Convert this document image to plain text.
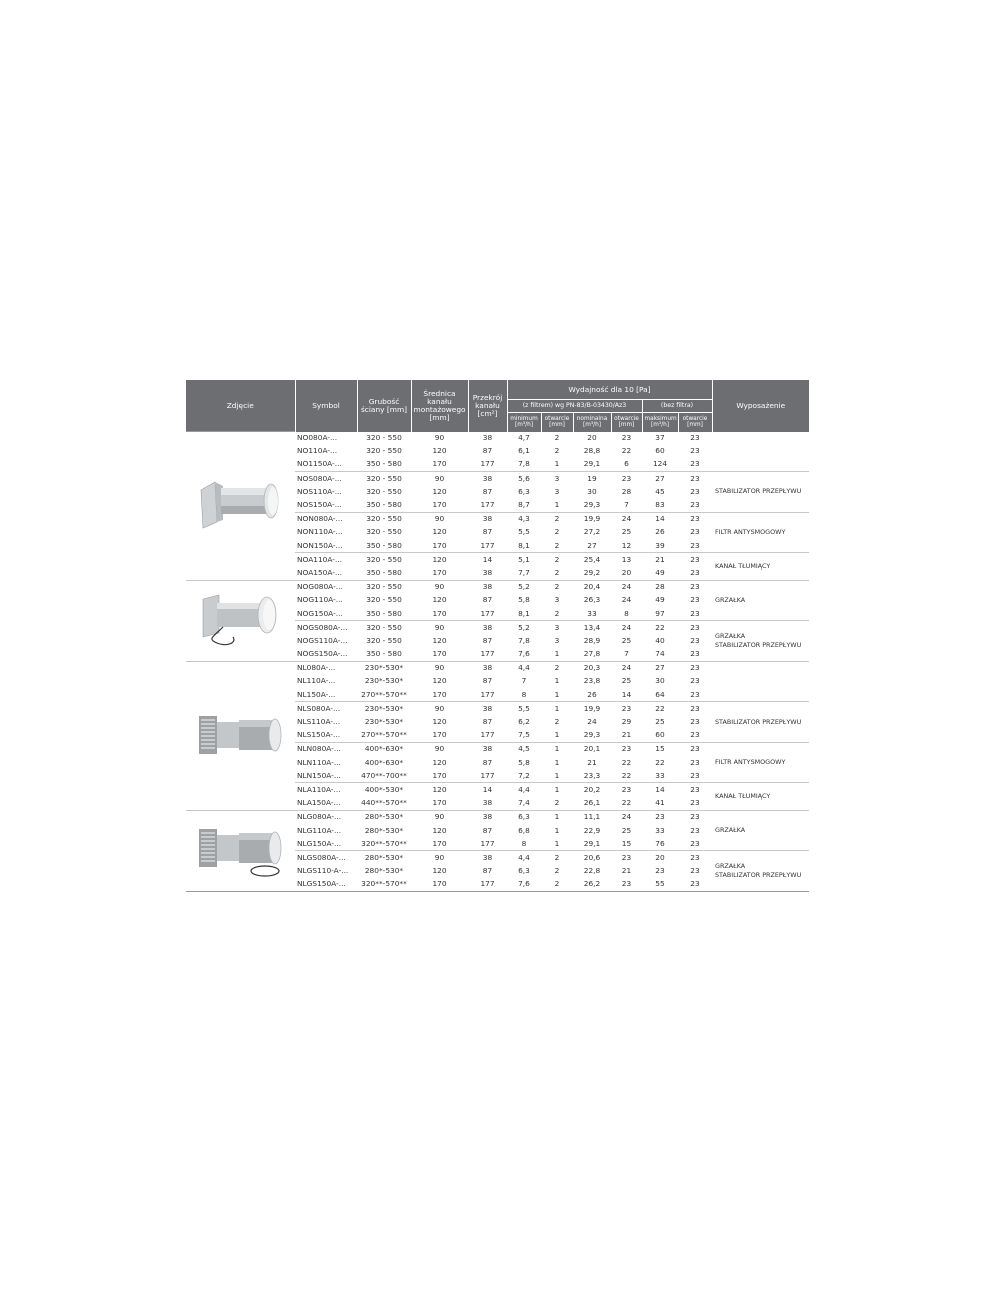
Zdjęcie	Symbol	Grubość ściany [mm]	Średnica kanału montażowego [mm]	Przekrój kanału [cm²]	Wydajność dla 10 [Pa]						Wyposażenie
					(z filtrem) wg PN-83/B-03430/Az3				(bez filtra)		
					minimum [m³/h]	otwarcie [mm]	nominalna [m³/h]	otwarcie [mm]	maksimum [m³/h]	otwarcie [mm]	

	NO080A-...	320 - 550	90	38	4,7	2	20	23	37	23	
	NO110A-...	320 - 550	120	87	6,1	2	28,8	22	60	23	
	NO1150A-...	350 - 580	170	177	7,8	1	29,1	6	124	23	
	NOS080A-...	320 - 550	90	38	5,6	3	19	23	27	23	STABILIZATOR PRZEPŁYWU
	NOS110A-...	320 - 550	120	87	6,3	3	30	28	45	23	
	NOS150A-...	350 - 580	170	177	8,7	1	29,3	7	83	23	
	NON080A-...	320 - 550	90	38	4,3	2	19,9	24	14	23	FILTR ANTYSMOGOWY
	NON110A-...	320 - 550	120	87	5,5	2	27,2	25	26	23	
	NON150A-...	350 - 580	170	177	8,1	2	27	12	39	23	
	NOA110A-...	320 - 550	120	14	5,1	2	25,4	13	21	23	KANAŁ TŁUMIĄCY
	NOA150A-...	350 - 580	170	38	7,7	2	29,2	20	49	23	

	NOG080A-...	320 - 550	90	38	5,2	2	20,4	24	28	23	GRZAŁKA
	NOG110A-...	320 - 550	120	87	5,8	3	26,3	24	49	23	
	NOG150A-...	350 - 580	170	177	8,1	2	33	8	97	23	
	NOGS080A-...	320 - 550	90	38	5,2	3	13,4	24	22	23	GRZAŁKA
STABILIZATOR PRZEPŁYWU
	NOGS110A-...	320 - 550	120	87	7,8	3	28,9	25	40	23	
	NOGS150A-...	350 - 580	170	177	7,6	1	27,8	7	74	23	

	NL080A-...	230*-530*	90	38	4,4	2	20,3	24	27	23	
	NL110A-...	230*-530*	120	87	7	1	23,8	25	30	23	
	NL150A-...	270**-570**	170	177	8	1	26	14	64	23	
	NLS080A-...	230*-530*	90	38	5,5	1	19,9	23	22	23	STABILIZATOR PRZEPŁYWU
	NLS110A-...	230*-530*	120	87	6,2	2	24	29	25	23	
	NLS150A-...	270**-570**	170	177	7,5	1	29,3	21	60	23	
	NLN080A-...	400*-630*	90	38	4,5	1	20,1	23	15	23	FILTR ANTYSMOGOWY
	NLN110A-...	400*-630*	120	87	5,8	1	21	22	22	23	
	NLN150A-...	470**-700**	170	177	7,2	1	23,3	22	33	23	
	NLA110A-...	400*-530*	120	14	4,4	1	20,2	23	14	23	KANAŁ TŁUMIĄCY
	NLA150A-...	440**-570**	170	38	7,4	2	26,1	22	41	23	

	NLG080A-...	280*-530*	90	38	6,3	1	11,1	24	23	23	GRZAŁKA
	NLG110A-...	280*-530*	120	87	6,8	1	22,9	25	33	23	
	NLG150A-...	320**-570**	170	177	8	1	29,1	15	76	23	
	NLGS080A-...	280*-530*	90	38	4,4	2	20,6	23	20	23	GRZAŁKA
STABILIZATOR PRZEPŁYWU
	NLGS110-A-...	280*-530*	120	87	6,3	2	22,8	21	23	23	
	NLGS150A-...	320**-570**	170	177	7,6	2	26,2	23	55	23	
